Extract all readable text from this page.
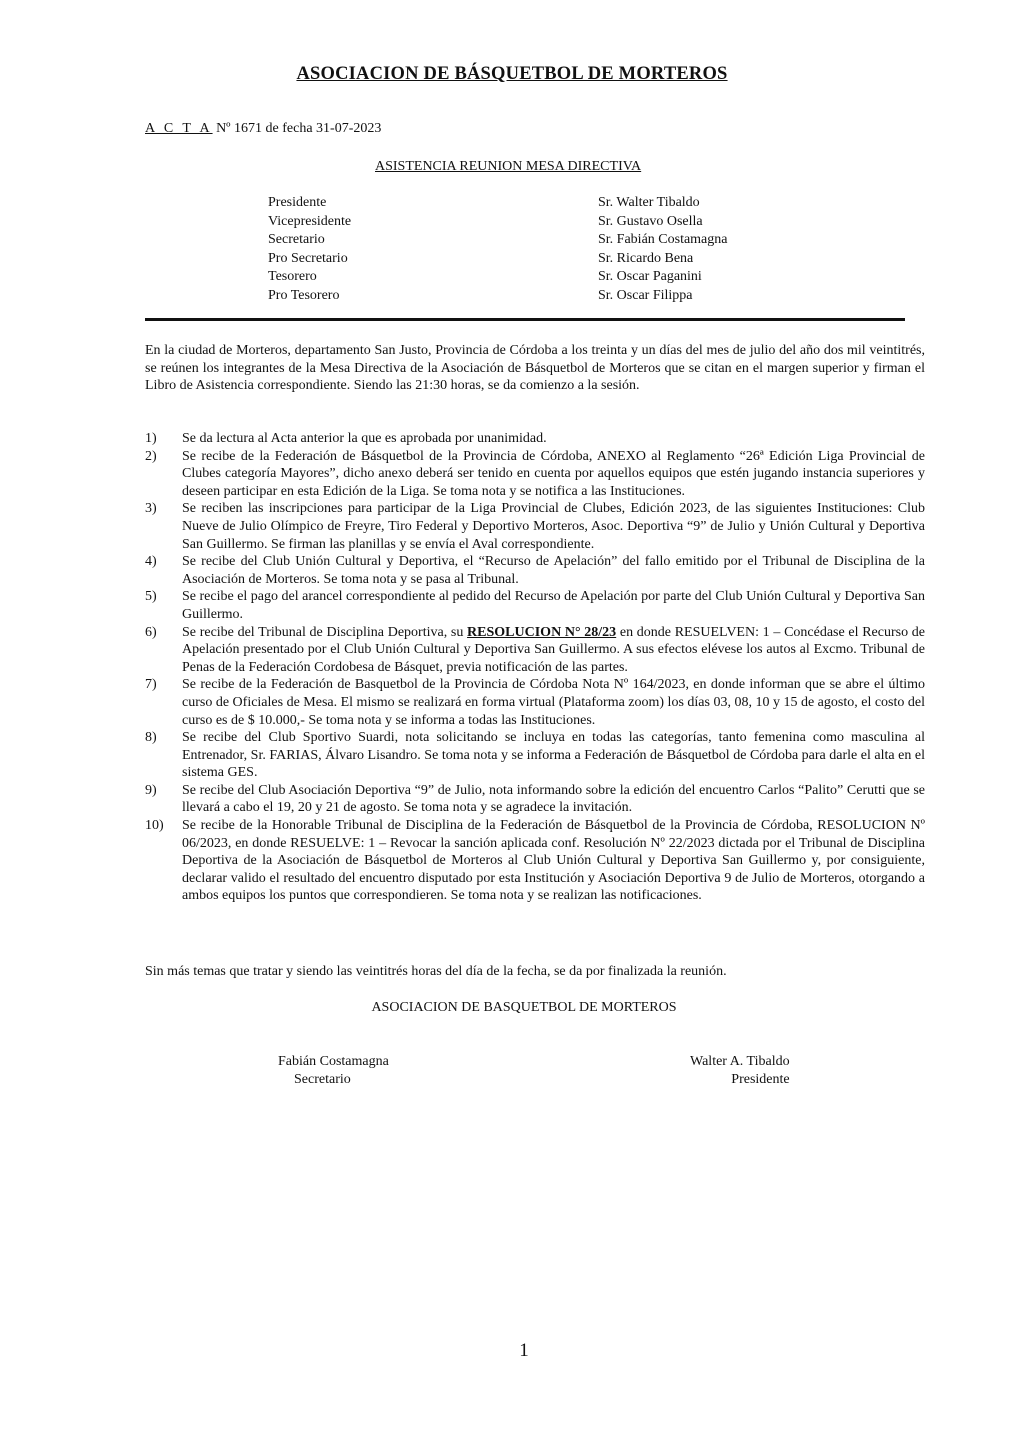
ASOCIACION DE BÁSQUETBOL DE MORTEROS
A C T A Nº 1671 de fecha 31-07-2023
ASISTENCIA REUNION MESA DIRECTIVA
Presidente	Sr. Walter Tibaldo
Vicepresidente	Sr. Gustavo Osella
Secretario	Sr. Fabián Costamagna
Pro Secretario	Sr. Ricardo Bena
Tesorero	Sr. Oscar Paganini
Pro Tesorero	Sr. Oscar Filippa
En la ciudad de Morteros, departamento San Justo, Provincia de Córdoba a los treinta y un días del mes de julio del año dos mil veintitrés, se reúnen los integrantes de la Mesa Directiva de la Asociación de Básquetbol de Morteros que se citan en el margen superior y firman el Libro de Asistencia correspondiente. Siendo las 21:30 horas, se da comienzo a la sesión.
1)	Se da lectura al Acta anterior la que es aprobada por unanimidad.
2)	Se recibe de la Federación de Básquetbol de la Provincia de Córdoba, ANEXO al Reglamento “26ª Edición Liga Provincial de Clubes categoría Mayores”, dicho anexo deberá ser tenido en cuenta por aquellos equipos que estén jugando instancia superiores y deseen participar en esta Edición de la Liga. Se toma nota y se notifica a las Instituciones.
3)	Se reciben las inscripciones para participar de la Liga Provincial de Clubes, Edición 2023, de las siguientes Instituciones: Club Nueve de Julio Olímpico de Freyre, Tiro Federal y Deportivo Morteros, Asoc. Deportiva “9” de Julio y Unión Cultural y Deportiva San Guillermo. Se firman las planillas y se envía el Aval correspondiente.
4)	Se recibe del Club Unión Cultural y Deportiva, el “Recurso de Apelación” del fallo emitido por el Tribunal de Disciplina de la Asociación de Morteros. Se toma nota y se pasa al Tribunal.
5)	Se recibe el pago del arancel correspondiente al pedido del Recurso de Apelación por parte del Club Unión Cultural y Deportiva San Guillermo.
6)	Se recibe del Tribunal de Disciplina Deportiva, su RESOLUCION N° 28/23 en donde RESUELVEN: 1 – Concédase el Recurso de Apelación presentado por el Club Unión Cultural y Deportiva San Guillermo. A sus efectos elévese los autos al Excmo. Tribunal de Penas de la Federación Cordobesa de Básquet, previa notificación de las partes.
7)	Se recibe de la Federación de Basquetbol de la Provincia de Córdoba Nota Nº 164/2023, en donde informan que se abre el último curso de Oficiales de Mesa. El mismo se realizará en forma virtual (Plataforma zoom) los días 03, 08, 10 y 15 de agosto, el costo del curso es de $ 10.000,- Se toma nota y se informa a todas las Instituciones.
8)	Se recibe del Club Sportivo Suardi, nota solicitando se incluya en todas las categorías, tanto femenina como masculina al Entrenador, Sr. FARIAS, Álvaro Lisandro. Se toma nota y se informa a Federación de Básquetbol de Córdoba para darle el alta en el sistema GES.
9)	Se recibe del Club Asociación Deportiva “9” de Julio, nota informando sobre la edición del encuentro Carlos “Palito” Cerutti que se llevará a cabo el 19, 20 y 21 de agosto. Se toma nota y se agradece la invitación.
10)	Se recibe de la Honorable Tribunal de Disciplina de la Federación de Básquetbol de la Provincia de Córdoba, RESOLUCION Nº 06/2023, en donde RESUELVE: 1 – Revocar la sanción aplicada conf. Resolución Nº 22/2023 dictada por el Tribunal de Disciplina Deportiva de la Asociación de Básquetbol de Morteros al Club Unión Cultural y Deportiva San Guillermo y, por consiguiente, declarar valido el resultado del encuentro disputado por esta Institución y Asociación Deportiva 9 de Julio de Morteros, otorgando a ambos equipos los puntos que correspondieren. Se toma nota y se realizan las notificaciones.
Sin más temas que tratar y siendo las veintitrés horas del día de la fecha, se da por finalizada la reunión.
ASOCIACION DE BASQUETBOL DE MORTEROS
Fabián Costamagna
Secretario
Walter A. Tibaldo
Presidente
1
